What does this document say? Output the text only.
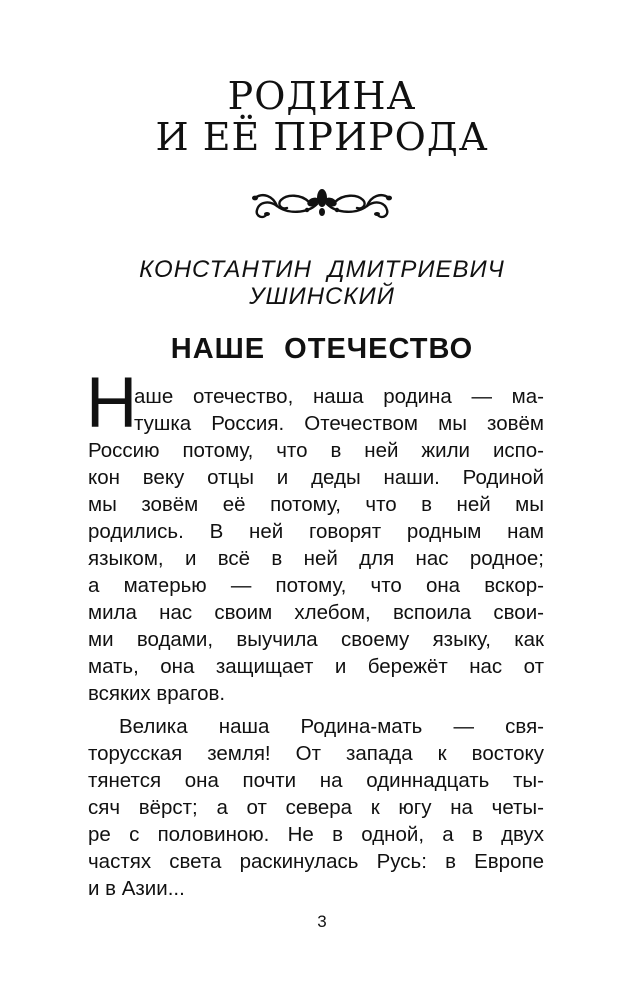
РОДИНА
И ЕЁ ПРИРОДА
КОНСТАНТИН ДМИТРИЕВИЧ
УШИНСКИЙ
НАШЕ ОТЕЧЕСТВО
Н
аше отечество, наша родина — ма-
тушка Россия. Отечеством мы зовём
Россию потому, что в ней жили испо-
кон веку отцы и деды наши. Родиной
мы зовём её потому, что в ней мы
родились. В ней говорят родным нам
языком, и всё в ней для нас родное;
а матерью — потому, что она вскор-
мила нас своим хлебом, вспоила свои-
ми водами, выучила своему языку, как
мать, она защищает и бережёт нас от
всяких врагов.
Велика наша Родина-мать — свя-
торусская земля! От запада к востоку
тянется она почти на одиннадцать ты-
сяч вёрст; а от севера к югу на четы-
ре с половиною. Не в одной, а в двух
частях света раскинулась Русь: в Европе
и в Азии...
3
